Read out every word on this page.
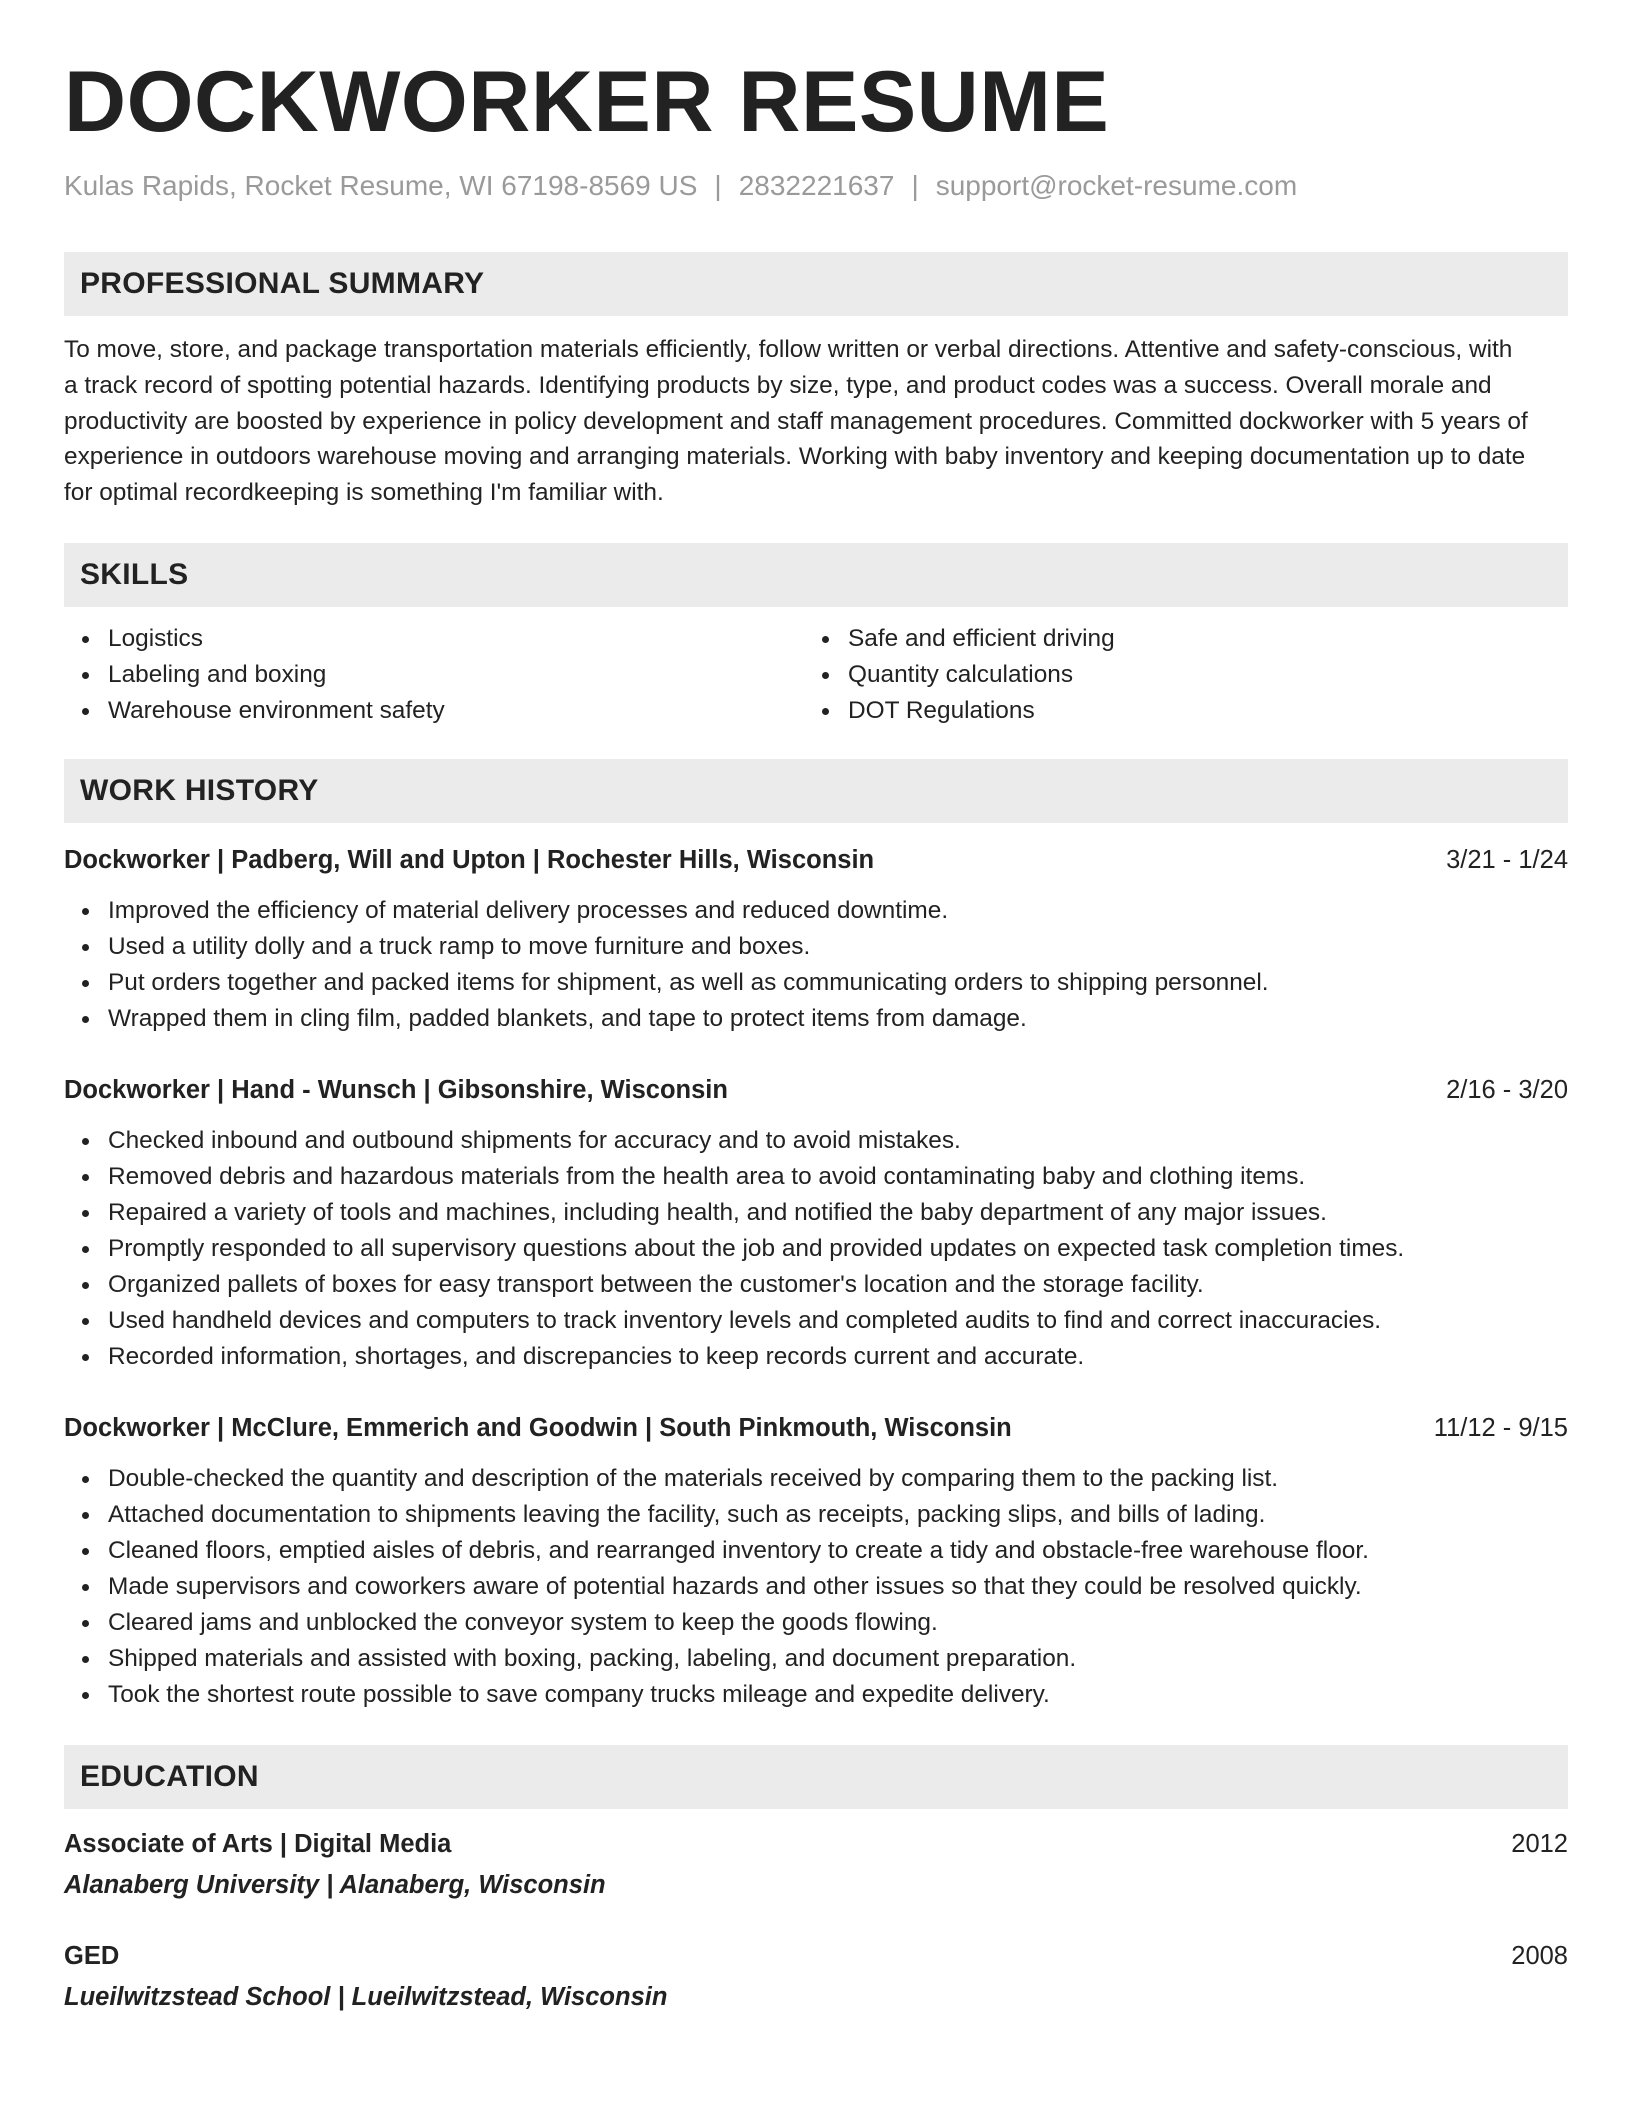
DOCKWORKER RESUME
Kulas Rapids, Rocket Resume, WI 67198-8569 US | 2832221637 | support@rocket-resume.com
PROFESSIONAL SUMMARY
To move, store, and package transportation materials efficiently, follow written or verbal directions. Attentive and safety-conscious, with
a track record of spotting potential hazards. Identifying products by size, type, and product codes was a success. Overall morale and
productivity are boosted by experience in policy development and staff management procedures. Committed dockworker with 5 years of
experience in outdoors warehouse moving and arranging materials. Working with baby inventory and keeping documentation up to date
for optimal recordkeeping is something I'm familiar with.
SKILLS
Logistics
Labeling and boxing
Warehouse environment safety
Safe and efficient driving
Quantity calculations
DOT Regulations
WORK HISTORY
Dockworker | Padberg, Will and Upton | Rochester Hills, Wisconsin	3/21 - 1/24
Improved the efficiency of material delivery processes and reduced downtime.
Used a utility dolly and a truck ramp to move furniture and boxes.
Put orders together and packed items for shipment, as well as communicating orders to shipping personnel.
Wrapped them in cling film, padded blankets, and tape to protect items from damage.
Dockworker | Hand - Wunsch | Gibsonshire, Wisconsin	2/16 - 3/20
Checked inbound and outbound shipments for accuracy and to avoid mistakes.
Removed debris and hazardous materials from the health area to avoid contaminating baby and clothing items.
Repaired a variety of tools and machines, including health, and notified the baby department of any major issues.
Promptly responded to all supervisory questions about the job and provided updates on expected task completion times.
Organized pallets of boxes for easy transport between the customer's location and the storage facility.
Used handheld devices and computers to track inventory levels and completed audits to find and correct inaccuracies.
Recorded information, shortages, and discrepancies to keep records current and accurate.
Dockworker | McClure, Emmerich and Goodwin | South Pinkmouth, Wisconsin	11/12 - 9/15
Double-checked the quantity and description of the materials received by comparing them to the packing list.
Attached documentation to shipments leaving the facility, such as receipts, packing slips, and bills of lading.
Cleaned floors, emptied aisles of debris, and rearranged inventory to create a tidy and obstacle-free warehouse floor.
Made supervisors and coworkers aware of potential hazards and other issues so that they could be resolved quickly.
Cleared jams and unblocked the conveyor system to keep the goods flowing.
Shipped materials and assisted with boxing, packing, labeling, and document preparation.
Took the shortest route possible to save company trucks mileage and expedite delivery.
EDUCATION
Associate of Arts | Digital Media	2012
Alanaberg University | Alanaberg, Wisconsin
GED	2008
Lueilwitzstead School | Lueilwitzstead, Wisconsin
